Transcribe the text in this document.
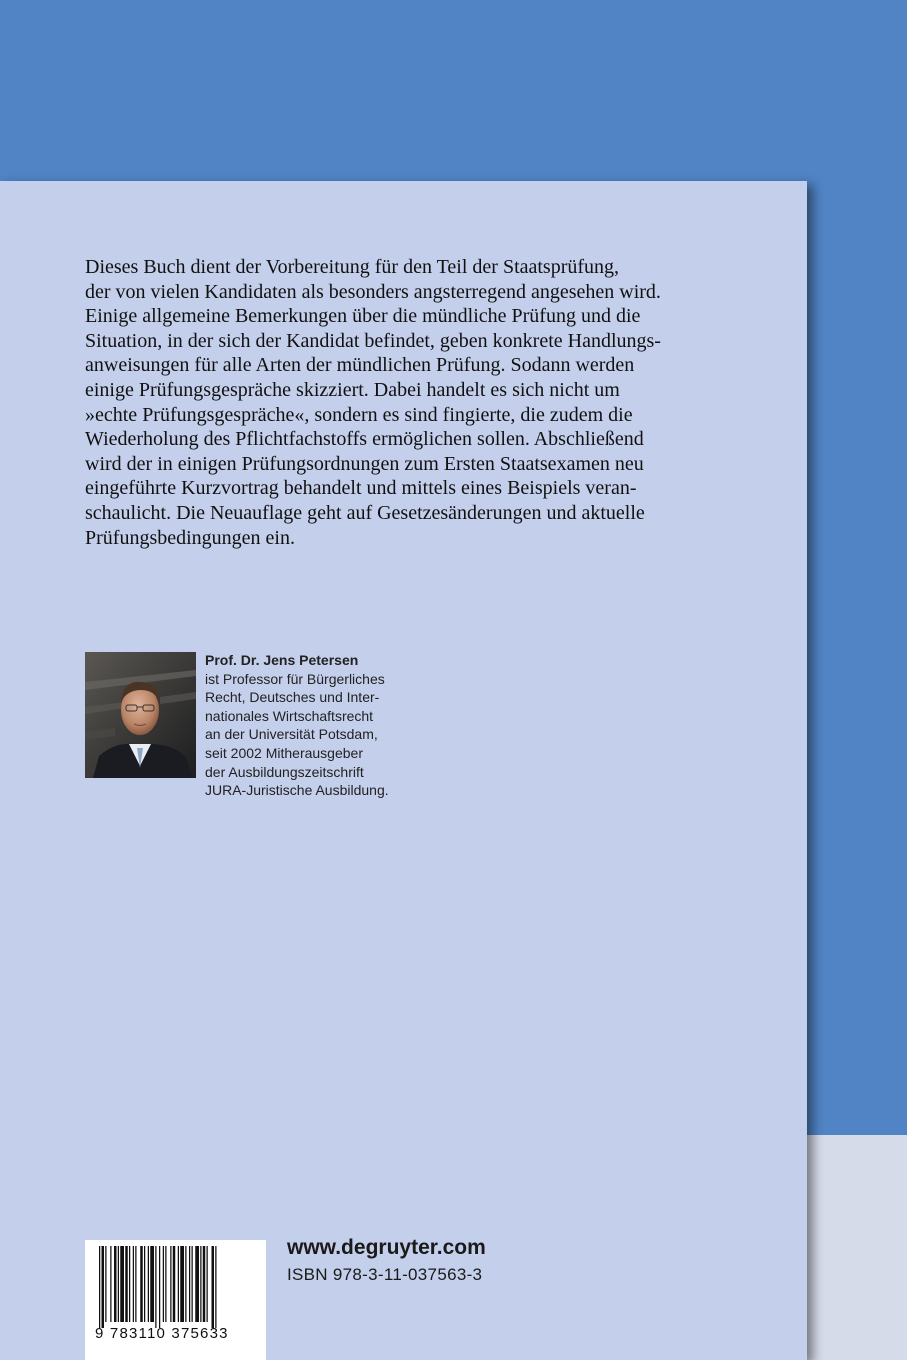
Dieses Buch dient der Vorbereitung für den Teil der Staatsprüfung,
der von vielen Kandidaten als besonders angsterregend angesehen wird.
Einige allgemeine Bemerkungen über die mündliche Prüfung und die
Situation, in der sich der Kandidat befindet, geben konkrete Handlungs-
anweisungen für alle Arten der mündlichen Prüfung. Sodann werden
einige Prüfungsgespräche skizziert. Dabei handelt es sich nicht um
»echte Prüfungsgespräche«, sondern es sind fingierte, die zudem die
Wiederholung des Pflichtfachstoffs ermöglichen sollen. Abschließend
wird der in einigen Prüfungsordnungen zum Ersten Staatsexamen neu
eingeführte Kurzvortrag behandelt und mittels eines Beispiels veran-
schaulicht. Die Neuauflage geht auf Gesetzesänderungen und aktuelle
Prüfungsbedingungen ein.
Prof. Dr. Jens Petersen
ist Professor für Bürgerliches
Recht, Deutsches und Inter-
nationales Wirtschaftsrecht
an der Universität Potsdam,
seit 2002 Mitherausgeber
der Ausbildungszeitschrift
JURA-Juristische Ausbildung.
9 783110 375633
www.degruyter.com
ISBN 978-3-11-037563-3
